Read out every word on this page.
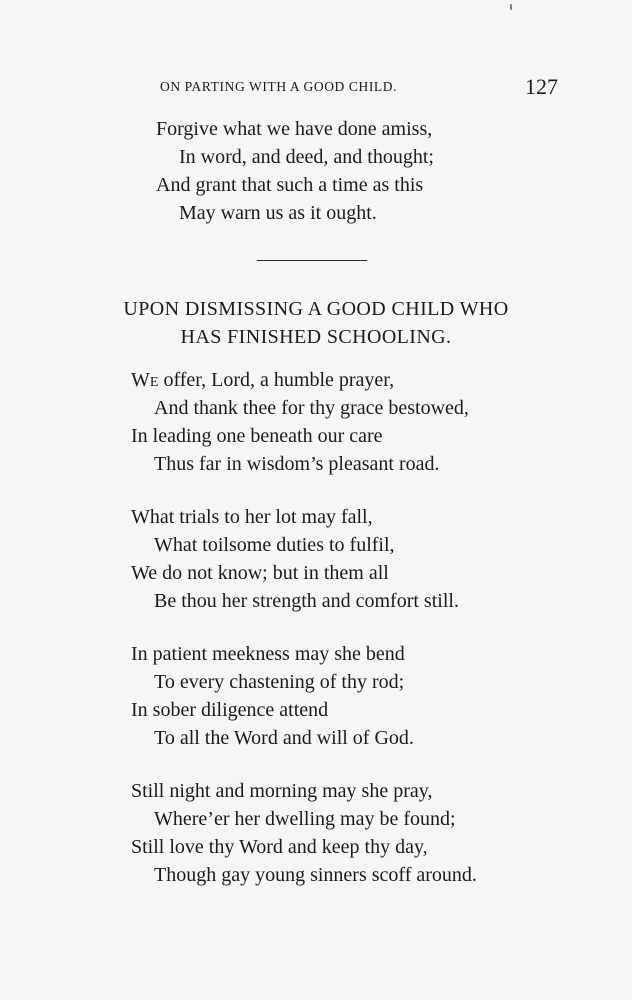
ON PARTING WITH A GOOD CHILD.	127
Forgive what we have done amiss,
In word, and deed, and thought;
And grant that such a time as this
May warn us as it ought.
UPON DISMISSING A GOOD CHILD WHO
HAS FINISHED SCHOOLING.
We offer, Lord, a humble prayer,
And thank thee for thy grace bestowed,
In leading one beneath our care
Thus far in wisdom’s pleasant road.
What trials to her lot may fall,
What toilsome duties to fulfil,
We do not know; but in them all
Be thou her strength and comfort still.
In patient meekness may she bend
To every chastening of thy rod;
In sober diligence attend
To all the Word and will of God.
Still night and morning may she pray,
Where’er her dwelling may be found;
Still love thy Word and keep thy day,
Though gay young sinners scoff around.
